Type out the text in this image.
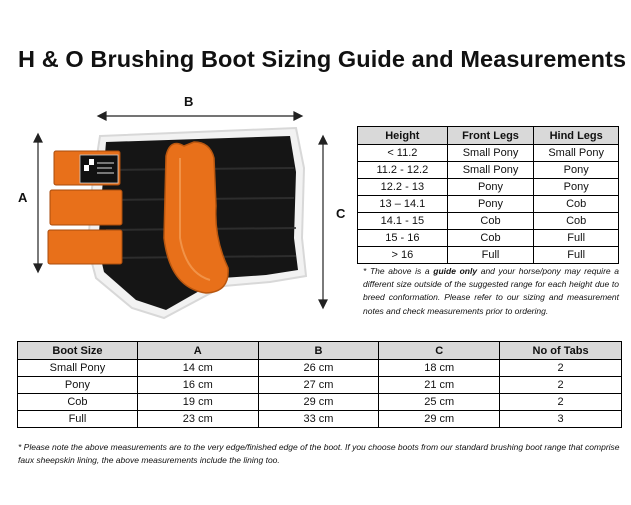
H & O Brushing Boot Sizing Guide and Measurements
B
A
C
Height	Front Legs	Hind Legs
< 11.2	Small Pony	Small Pony
11.2 - 12.2	Small Pony	Pony
12.2 - 13	Pony	Pony
13 – 14.1	Pony	Cob
14.1 - 15	Cob	Cob
15 - 16	Cob	Full
> 16	Full	Full

* The above is a guide only and your horse/pony may require a different size outside of the suggested range for each height due to breed conformation. Please refer to our sizing and measurement notes and check measurements prior to ordering.

Boot Size	A	B	C	No of Tabs
Small Pony	14 cm	26 cm	18 cm	2
Pony	16 cm	27 cm	21 cm	2
Cob	19 cm	29 cm	25 cm	2
Full	23 cm	33 cm	29 cm	3

* Please note the above measurements are to the very edge/finished edge of the boot. If you choose boots from our standard brushing boot range that comprise faux sheepskin lining, the above measurements include the lining too.
